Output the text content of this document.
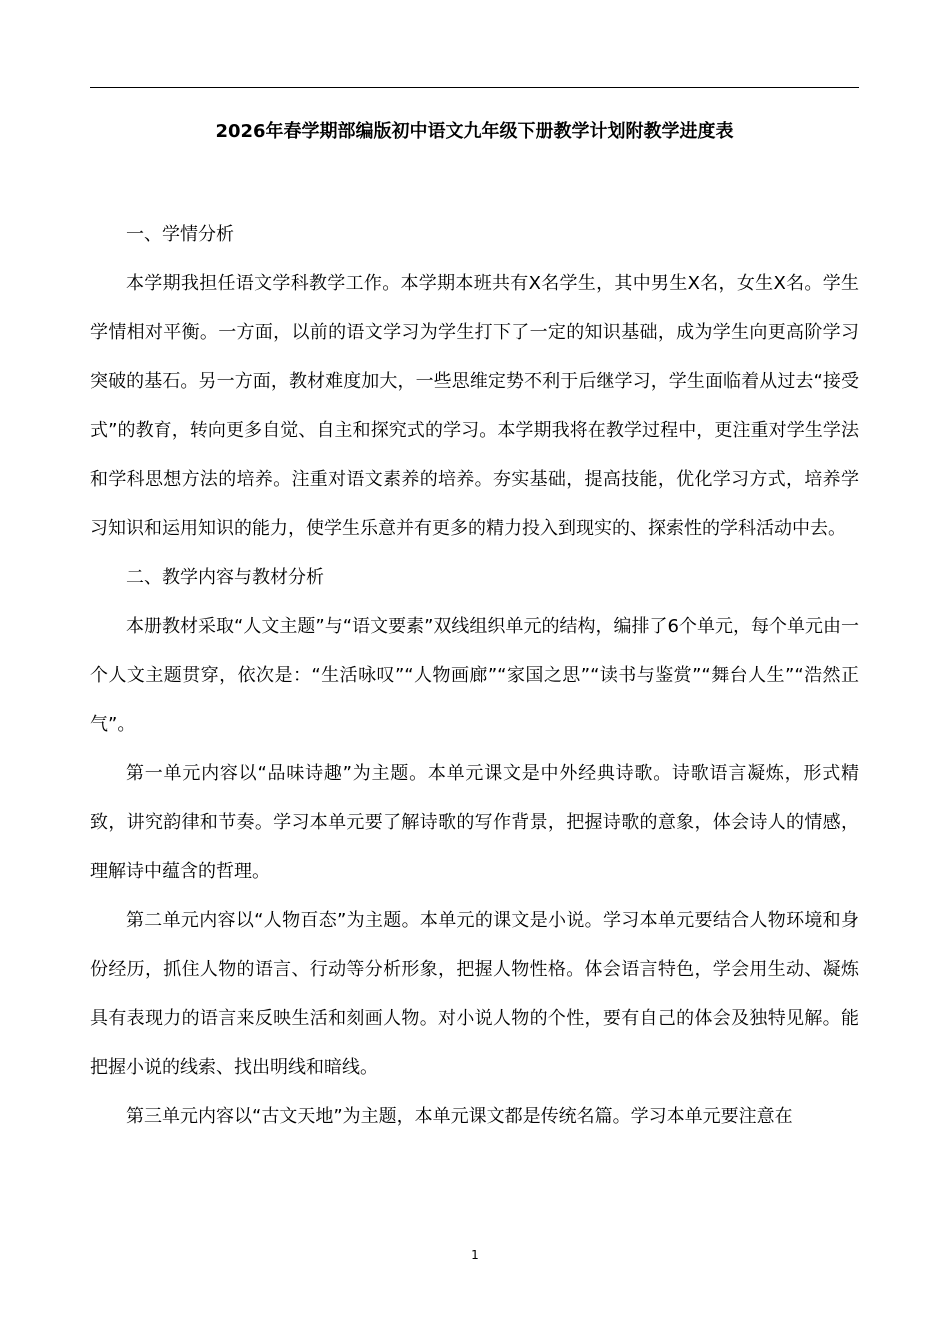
2026年春学期部编版初中语文九年级下册教学计划附教学进度表

一、学情分析

本学期我担任语文学科教学工作。本学期本班共有X名学生，其中男生X名，女生X名。学生学情相对平衡。一方面，以前的语文学习为学生打下了一定的知识基础，成为学生向更高阶学习突破的基石。另一方面，教材难度加大，一些思维定势不利于后继学习，学生面临着从过去“接受式”的教育，转向更多自觉、自主和探究式的学习。本学期我将在教学过程中，更注重对学生学法和学科思想方法的培养。注重对语文素养的培养。夯实基础，提高技能，优化学习方式，培养学习知识和运用知识的能力，使学生乐意并有更多的精力投入到现实的、探索性的学科活动中去。

二、教学内容与教材分析

本册教材采取“人文主题”与“语文要素”双线组织单元的结构，编排了6个单元，每个单元由一个人文主题贯穿，依次是：“生活咏叹”“人物画廊”“家国之思”“读书与鉴赏”“舞台人生”“浩然正气”。

第一单元内容以“品味诗趣”为主题。本单元课文是中外经典诗歌。诗歌语言凝炼，形式精致，讲究韵律和节奏。学习本单元要了解诗歌的写作背景，把握诗歌的意象，体会诗人的情感，理解诗中蕴含的哲理。

第二单元内容以“人物百态”为主题。本单元的课文是小说。学习本单元要结合人物环境和身份经历，抓住人物的语言、行动等分析形象，把握人物性格。体会语言特色，学会用生动、凝炼具有表现力的语言来反映生活和刻画人物。对小说人物的个性，要有自己的体会及独特见解。能把握小说的线索、找出明线和暗线。

第三单元内容以“古文天地”为主题，本单元课文都是传统名篇。学习本单元要注意在

1
